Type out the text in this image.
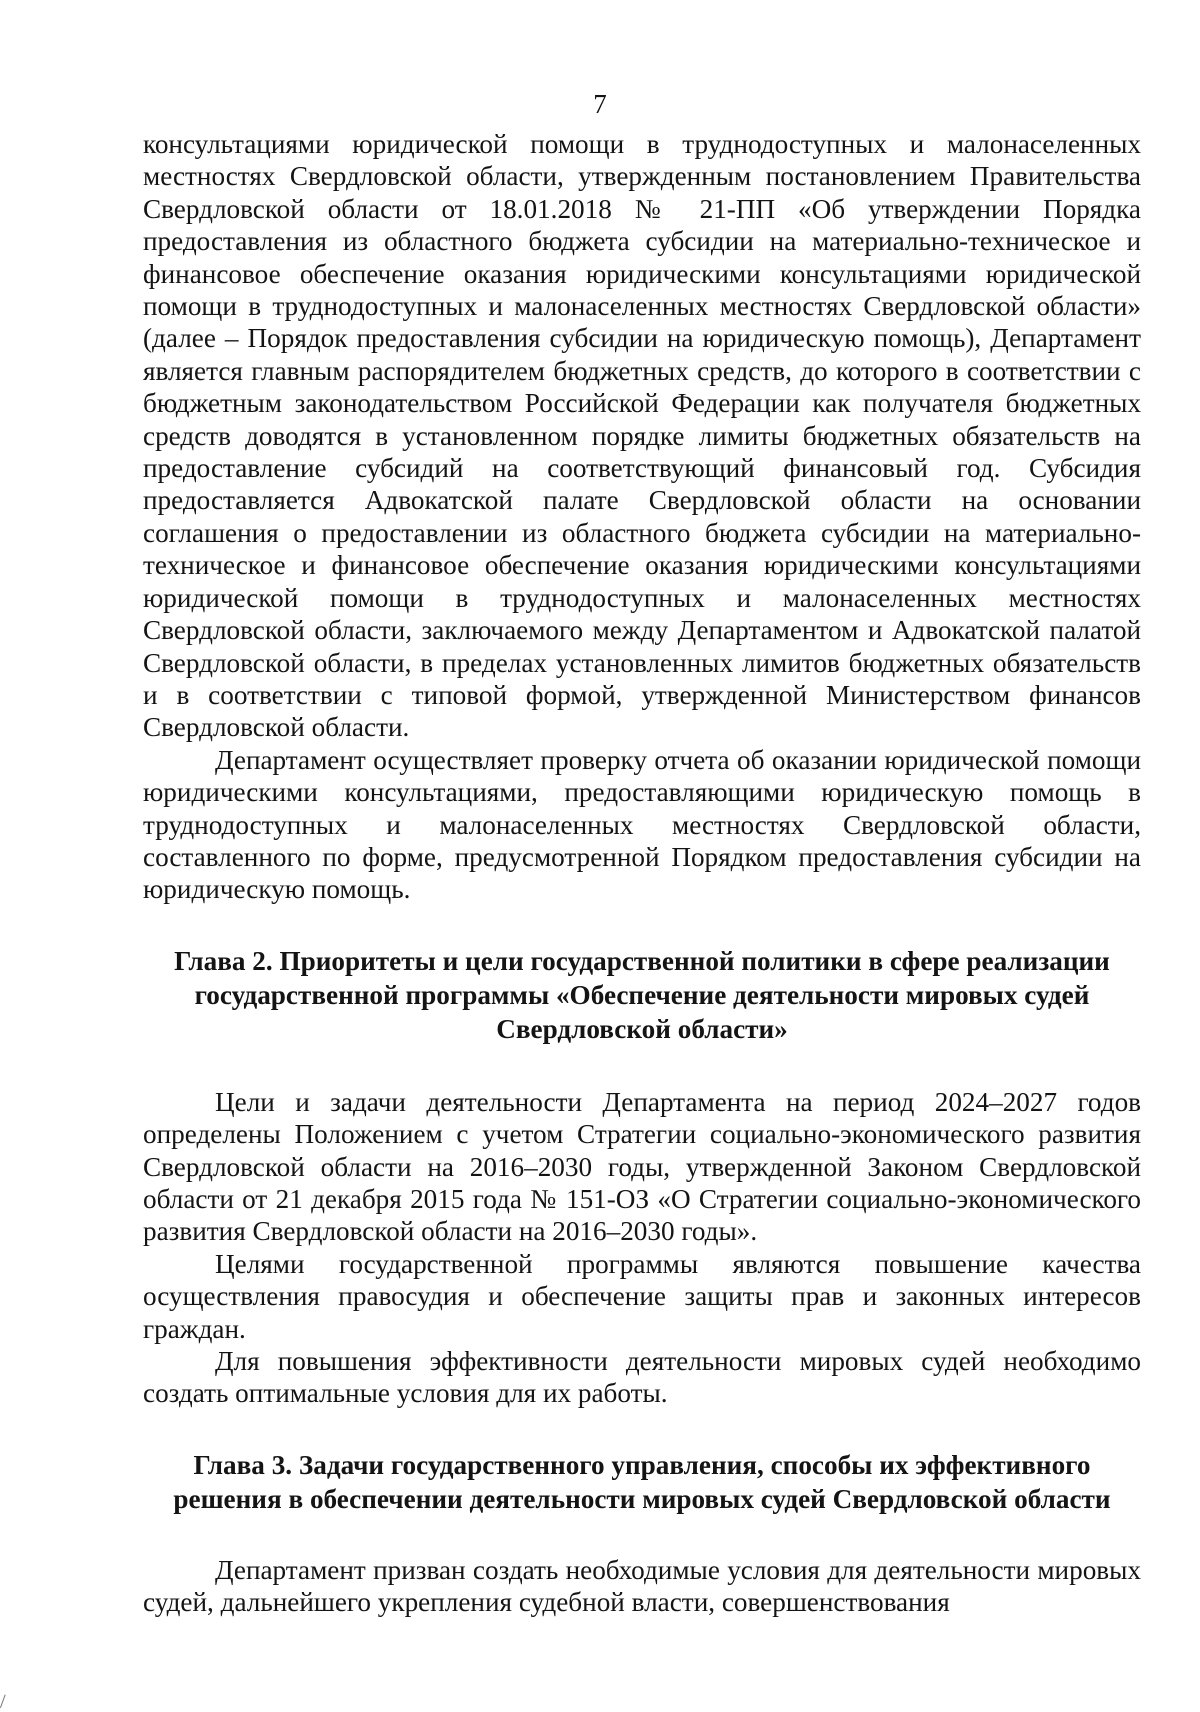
7

консультациями юридической помощи в труднодоступных и малонаселенных местностях Свердловской области, утвержденным постановлением Правительства Свердловской области от 18.01.2018 № 21-ПП «Об утверждении Порядка предоставления из областного бюджета субсидии на материально-техническое и финансовое обеспечение оказания юридическими консультациями юридической помощи в труднодоступных и малонаселенных местностях Свердловской области» (далее – Порядок предоставления субсидии на юридическую помощь), Департамент является главным распорядителем бюджетных средств, до которого в соответствии с бюджетным законодательством Российской Федерации как получателя бюджетных средств доводятся в установленном порядке лимиты бюджетных обязательств на предоставление субсидий на соответствующий финансовый год. Субсидия предоставляется Адвокатской палате Свердловской области на основании соглашения о предоставлении из областного бюджета субсидии на материально-техническое и финансовое обеспечение оказания юридическими консультациями юридической помощи в труднодоступных и малонаселенных местностях Свердловской области, заключаемого между Департаментом и Адвокатской палатой Свердловской области, в пределах установленных лимитов бюджетных обязательств и в соответствии с типовой формой, утвержденной Министерством финансов Свердловской области.

Департамент осуществляет проверку отчета об оказании юридической помощи юридическими консультациями, предоставляющими юридическую помощь в труднодоступных и малонаселенных местностях Свердловской области, составленного по форме, предусмотренной Порядком предоставления субсидии на юридическую помощь.

Глава 2. Приоритеты и цели государственной политики в сфере реализации государственной программы «Обеспечение деятельности мировых судей Свердловской области»

Цели и задачи деятельности Департамента на период 2024–2027 годов определены Положением с учетом Стратегии социально-экономического развития Свердловской области на 2016–2030 годы, утвержденной Законом Свердловской области от 21 декабря 2015 года № 151-ОЗ «О Стратегии социально-экономического развития Свердловской области на 2016–2030 годы».

Целями государственной программы являются повышение качества осуществления правосудия и обеспечение защиты прав и законных интересов граждан.

Для повышения эффективности деятельности мировых судей необходимо создать оптимальные условия для их работы.

Глава 3. Задачи государственного управления, способы их эффективного решения в обеспечении деятельности мировых судей Свердловской области

Департамент призван создать необходимые условия для деятельности мировых судей, дальнейшего укрепления судебной власти, совершенствования
